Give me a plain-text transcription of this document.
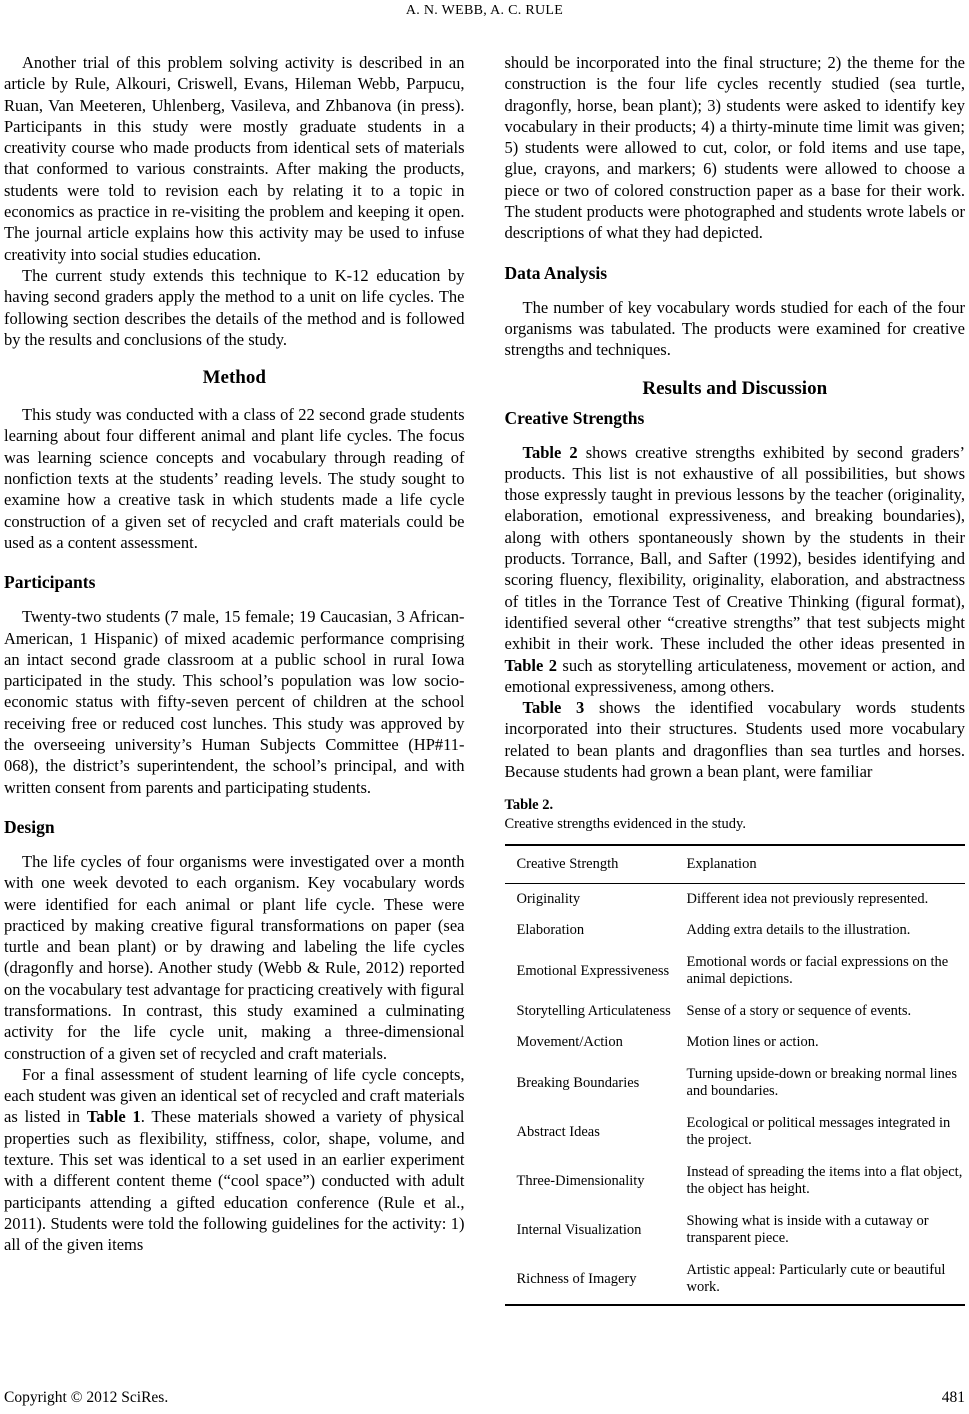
A. N. WEBB, A. C. RULE

Another trial of this problem solving activity is described in an article by Rule, Alkouri, Criswell, Evans, Hileman Webb, Parpucu, Ruan, Van Meeteren, Uhlenberg, Vasileva, and Zhbanova (in press). Participants in this study were mostly graduate students in a creativity course who made products from identical sets of materials that conformed to various constraints. After making the products, students were told to revision each by relating it to a topic in economics as practice in re-visiting the problem and keeping it open. The journal article explains how this activity may be used to infuse creativity into social studies education.

The current study extends this technique to K-12 education by having second graders apply the method to a unit on life cycles. The following section describes the details of the method and is followed by the results and conclusions of the study.

Method

This study was conducted with a class of 22 second grade students learning about four different animal and plant life cycles. The focus was learning science concepts and vocabulary through reading of nonfiction texts at the students’ reading levels. The study sought to examine how a creative task in which students made a life cycle construction of a given set of recycled and craft materials could be used as a content assessment.

Participants

Twenty-two students (7 male, 15 female; 19 Caucasian, 3 African-American, 1 Hispanic) of mixed academic performance comprising an intact second grade classroom at a public school in rural Iowa participated in the study. This school’s population was low socio-economic status with fifty-seven percent of children at the school receiving free or reduced cost lunches. This study was approved by the overseeing university’s Human Subjects Committee (HP#11-068), the district’s superintendent, the school’s principal, and with written consent from parents and participating students.

Design

The life cycles of four organisms were investigated over a month with one week devoted to each organism. Key vocabulary words were identified for each animal or plant life cycle. These were practiced by making creative figural transformations on paper (sea turtle and bean plant) or by drawing and labeling the life cycles (dragonfly and horse). Another study (Webb & Rule, 2012) reported on the vocabulary test advantage for practicing creatively with figural transformations. In contrast, this study examined a culminating activity for the life cycle unit, making a three-dimensional construction of a given set of recycled and craft materials.

For a final assessment of student learning of life cycle concepts, each student was given an identical set of recycled and craft materials as listed in Table 1. These materials showed a variety of physical properties such as flexibility, stiffness, color, shape, volume, and texture. This set was identical to a set used in an earlier experiment with a different content theme (“cool space”) conducted with adult participants attending a gifted education conference (Rule et al., 2011). Students were told the following guidelines for the activity: 1) all of the given items

should be incorporated into the final structure; 2) the theme for the construction is the four life cycles recently studied (sea turtle, dragonfly, horse, bean plant); 3) students were asked to identify key vocabulary in their products; 4) a thirty-minute time limit was given; 5) students were allowed to cut, color, or fold items and use tape, glue, crayons, and markers; 6) students were allowed to choose a piece or two of colored construction paper as a base for their work. The student products were photographed and students wrote labels or descriptions of what they had depicted.

Data Analysis

The number of key vocabulary words studied for each of the four organisms was tabulated. The products were examined for creative strengths and techniques.

Results and Discussion
Creative Strengths

Table 2 shows creative strengths exhibited by second graders’ products. This list is not exhaustive of all possibilities, but shows those expressly taught in previous lessons by the teacher (originality, elaboration, emotional expressiveness, and breaking boundaries), along with others spontaneously shown by the students in their products. Torrance, Ball, and Safter (1992), besides identifying and scoring fluency, flexibility, originality, elaboration, and abstractness of titles in the Torrance Test of Creative Thinking (figural format), identified several other “creative strengths” that test subjects might exhibit in their work. These included the other ideas presented in Table 2 such as storytelling articulateness, movement or action, and emotional expressiveness, among others.

Table 3 shows the identified vocabulary words students incorporated into their structures. Students used more vocabulary related to bean plants and dragonflies than sea turtles and horses. Because students had grown a bean plant, were familiar

Table 2.
Creative strengths evidenced in the study.
Creative Strength	Explanation
Originality	Different idea not previously represented.
Elaboration	Adding extra details to the illustration.
Emotional Expressiveness	Emotional words or facial expressions on the animal depictions.
Storytelling Articulateness	Sense of a story or sequence of events.
Movement/Action	Motion lines or action.
Breaking Boundaries	Turning upside-down or breaking normal lines and boundaries.
Abstract Ideas	Ecological or political messages integrated in the project.
Three-Dimensionality	Instead of spreading the items into a flat object, the object has height.
Internal Visualization	Showing what is inside with a cutaway or transparent piece.
Richness of Imagery	Artistic appeal: Particularly cute or beautiful work.
Copyright © 2012 SciRes.	481
